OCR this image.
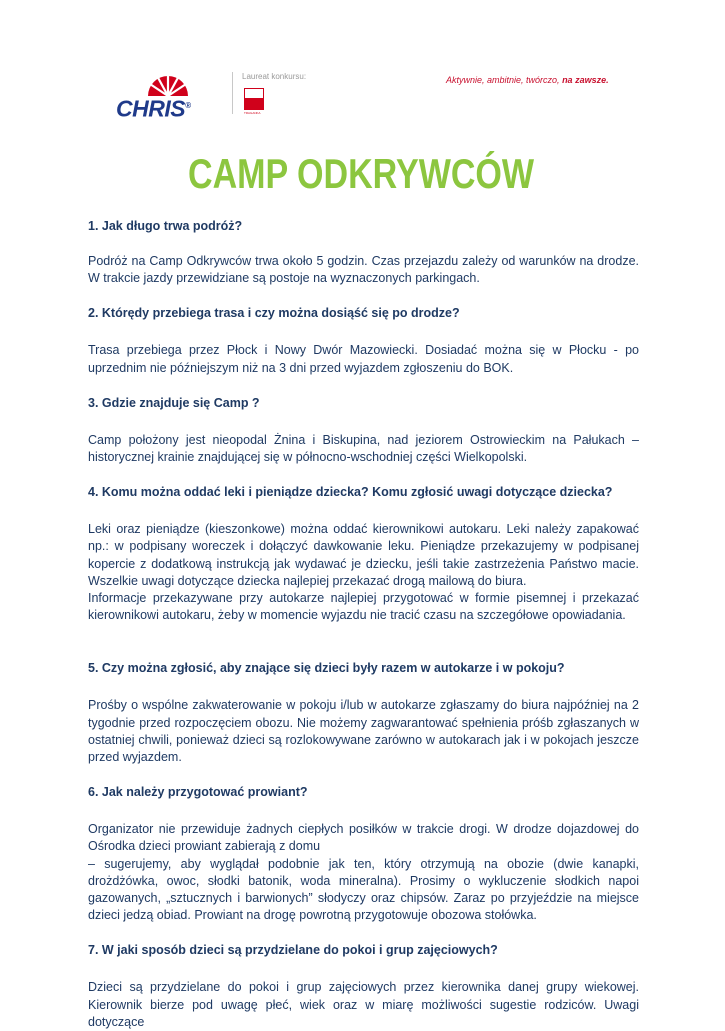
CHRIS®
Laureat konkursu:
TRAGANKA
Aktywnie, ambitnie, twórczo, na zawsze.
CAMP ODKRYWCÓW

1. Jak długo trwa podróż?

Podróż na Camp Odkrywców trwa około 5 godzin. Czas przejazdu zależy od warunków na drodze. W trakcie jazdy przewidziane są postoje na wyznaczonych parkingach.

2. Którędy przebiega trasa i czy można dosiąść się po drodze?

Trasa przebiega przez Płock i Nowy Dwór Mazowiecki. Dosiadać można się w Płocku - po uprzednim nie późniejszym niż na 3 dni przed wyjazdem zgłoszeniu do BOK.

3. Gdzie znajduje się Camp ?

Camp położony jest nieopodal Żnina i Biskupina, nad jeziorem Ostrowieckim na Pałukach – historycznej krainie znajdującej się w północno-wschodniej części Wielkopolski.

4. Komu można oddać leki i pieniądze dziecka? Komu zgłosić uwagi dotyczące dziecka?

Leki oraz pieniądze (kieszonkowe) można oddać kierownikowi autokaru. Leki należy zapakować np.: w podpisany woreczek i dołączyć dawkowanie leku. Pieniądze przekazujemy w podpisanej kopercie z dodatkową instrukcją jak wydawać je dziecku, jeśli takie zastrzeżenia Państwo macie. Wszelkie uwagi dotyczące dziecka najlepiej przekazać drogą mailową do biura.

Informacje przekazywane przy autokarze najlepiej przygotować w formie pisemnej i przekazać kierownikowi autokaru, żeby w momencie wyjazdu nie tracić czasu na szczegółowe opowiadania.

5. Czy można zgłosić, aby znające się dzieci były razem w autokarze i w pokoju?

Prośby o wspólne zakwaterowanie w pokoju i/lub w autokarze zgłaszamy do biura najpóźniej na 2 tygodnie przed rozpoczęciem obozu. Nie możemy zagwarantować spełnienia próśb zgłaszanych w ostatniej chwili, ponieważ dzieci są rozlokowywane zarówno w autokarach jak i w pokojach jeszcze przed wyjazdem.

6. Jak należy przygotować prowiant?

Organizator nie przewiduje żadnych ciepłych posiłków w trakcie drogi. W drodze dojazdowej do Ośrodka dzieci prowiant zabierają z domu

– sugerujemy, aby wyglądał podobnie jak ten, który otrzymują na obozie (dwie kanapki, drożdżówka, owoc, słodki batonik, woda mineralna). Prosimy o wykluczenie słodkich napoi gazowanych, „sztucznych i barwionych” słodyczy oraz chipsów. Zaraz po przyjeździe na miejsce dzieci jedzą obiad. Prowiant na drogę powrotną przygotowuje obozowa stołówka.

7. W jaki sposób dzieci są przydzielane do pokoi i grup zajęciowych?

Dzieci są przydzielane do pokoi i grup zajęciowych przez kierownika danej grupy wiekowej. Kierownik bierze pod uwagę płeć, wiek oraz w miarę możliwości sugestie rodziców. Uwagi dotyczące
